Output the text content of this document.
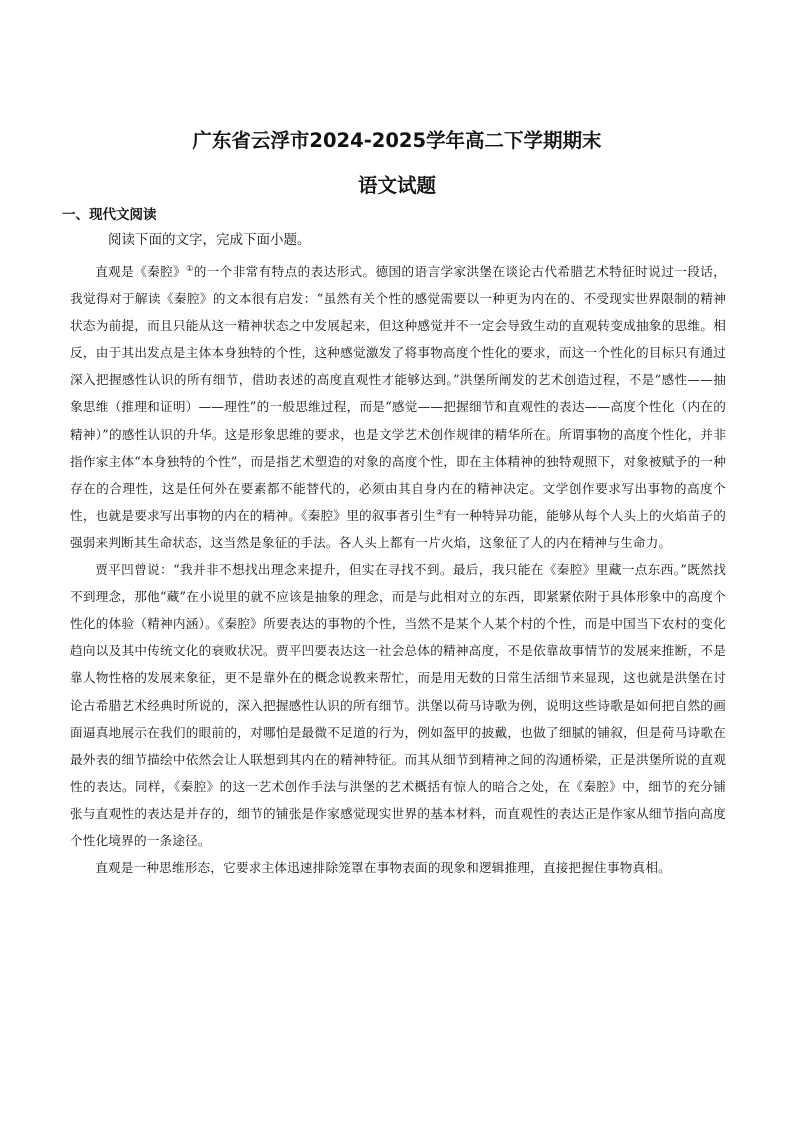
广东省云浮市2024-2025学年高二下学期期末
语文试题
一、现代文阅读
阅读下面的文字，完成下面小题。

直观是《秦腔》①的一个非常有特点的表达形式。德国的语言学家洪堡在谈论古代希腊艺术特征时说过一段话，我觉得对于解读《秦腔》的文本很有启发：“虽然有关个性的感觉需要以一种更为内在的、不受现实世界限制的精神状态为前提，而且只能从这一精神状态之中发展起来，但这种感觉并不一定会导致生动的直观转变成抽象的思维。相反，由于其出发点是主体本身独特的个性，这种感觉激发了将事物高度个性化的要求，而这一个性化的目标只有通过深入把握感性认识的所有细节，借助表述的高度直观性才能够达到。”洪堡所阐发的艺术创造过程，不是“感性——抽象思维（推理和证明）——理性”的一般思维过程，而是“感觉——把握细节和直观性的表达——高度个性化（内在的精神）”的感性认识的升华。这是形象思维的要求，也是文学艺术创作规律的精华所在。所谓事物的高度个性化，并非指作家主体“本身独特的个性”，而是指艺术塑造的对象的高度个性，即在主体精神的独特观照下，对象被赋予的一种存在的合理性，这是任何外在要素都不能替代的，必须由其自身内在的精神决定。文学创作要求写出事物的高度个性，也就是要求写出事物的内在的精神。《秦腔》里的叙事者引生②有一种特异功能，能够从每个人头上的火焰苗子的强弱来判断其生命状态，这当然是象征的手法。各人头上都有一片火焰，这象征了人的内在精神与生命力。

贾平凹曾说：“我并非不想找出理念来提升，但实在寻找不到。最后，我只能在《秦腔》里藏一点东西。”既然找不到理念，那他“藏”在小说里的就不应该是抽象的理念，而是与此相对立的东西，即紧紧依附于具体形象中的高度个性化的体验（精神内涵）。《秦腔》所要表达的事物的个性，当然不是某个人某个村的个性，而是中国当下农村的变化趋向以及其中传统文化的衰败状况。贾平凹要表达这一社会总体的精神高度，不是依靠故事情节的发展来推断，不是靠人物性格的发展来象征，更不是靠外在的概念说教来帮忙，而是用无数的日常生活细节来显现，这也就是洪堡在讨论古希腊艺术经典时所说的，深入把握感性认识的所有细节。洪堡以荷马诗歌为例，说明这些诗歌是如何把自然的画面逼真地展示在我们的眼前的，对哪怕是最微不足道的行为，例如盔甲的披戴，也做了细腻的铺叙，但是荷马诗歌在最外表的细节描绘中依然会让人联想到其内在的精神特征。而其从细节到精神之间的沟通桥梁，正是洪堡所说的直观性的表达。同样，《秦腔》的这一艺术创作手法与洪堡的艺术概括有惊人的暗合之处，在《秦腔》中，细节的充分铺张与直观性的表达是并存的，细节的铺张是作家感觉现实世界的基本材料，而直观性的表达正是作家从细节指向高度个性化境界的一条途径。

直观是一种思维形态，它要求主体迅速排除笼罩在事物表面的现象和逻辑推理，直接把握住事物真相。
